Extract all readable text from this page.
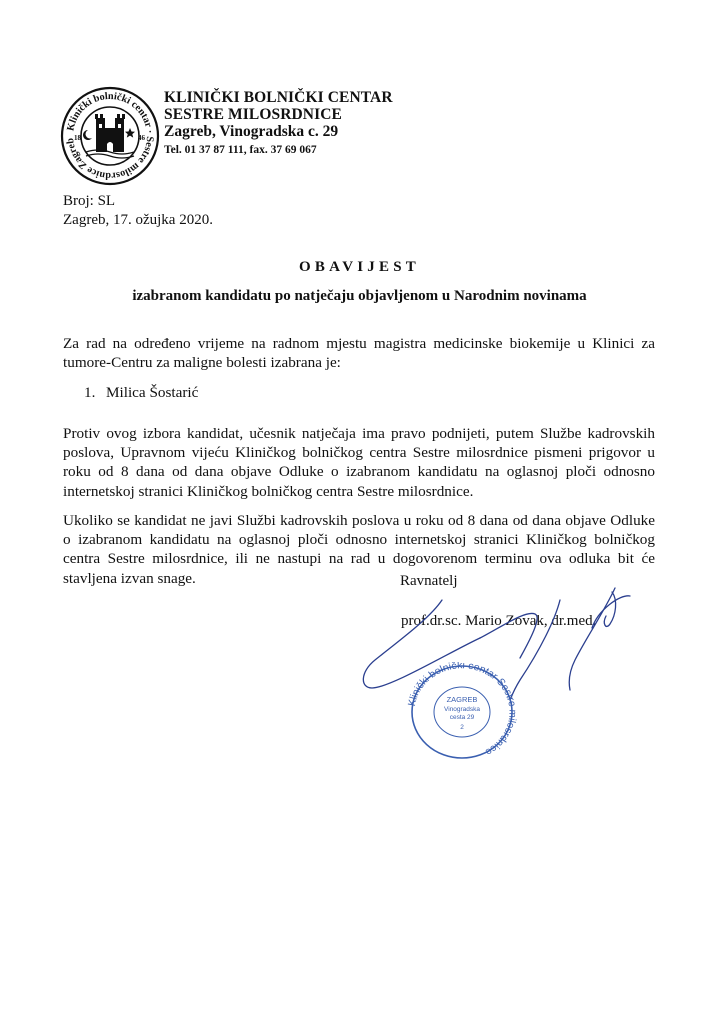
Klinički bolnički centar · Sestre milosrdnice Zagreb
18	46
KLINIČKI BOLNIČKI CENTAR
SESTRE MILOSRDNICE
Zagreb, Vinogradska c. 29
Tel. 01 37 87 111, fax. 37 69 067
Broj: SL
Zagreb, 17. ožujka 2020.
OBAVIJEST
izabranom kandidatu po natječaju objavljenom u Narodnim novinama
Za rad na određeno vrijeme na radnom mjestu magistra medicinske biokemije u Klinici za tumore-Centru za maligne bolesti izabrana je:
1. Milica Šostarić
Protiv ovog izbora kandidat, učesnik natječaja ima pravo podnijeti, putem Službe kadrovskih poslova, Upravnom vijeću Kliničkog bolničkog centra Sestre milosrdnice pismeni prigovor u roku od 8 dana od dana objave Odluke o izabranom kandidatu na oglasnoj ploči odnosno internetskoj stranici Kliničkog bolničkog centra Sestre milosrdnice.
Ukoliko se kandidat ne javi Službi kadrovskih poslova u roku od 8 dana od dana objave Odluke o izabranom kandidatu na oglasnoj ploči odnosno internetskoj stranici Kliničkog bolničkog centra Sestre milosrdnice, ili ne nastupi na rad u dogovorenom terminu ova odluka bit će stavljena izvan snage.	Ravnatelj
prof.dr.sc. Mario Zovak, dr.med.
Klinički bolnički centar Sestre milosrdnice
ZAGREB
Vinogradska
cesta 29
2
